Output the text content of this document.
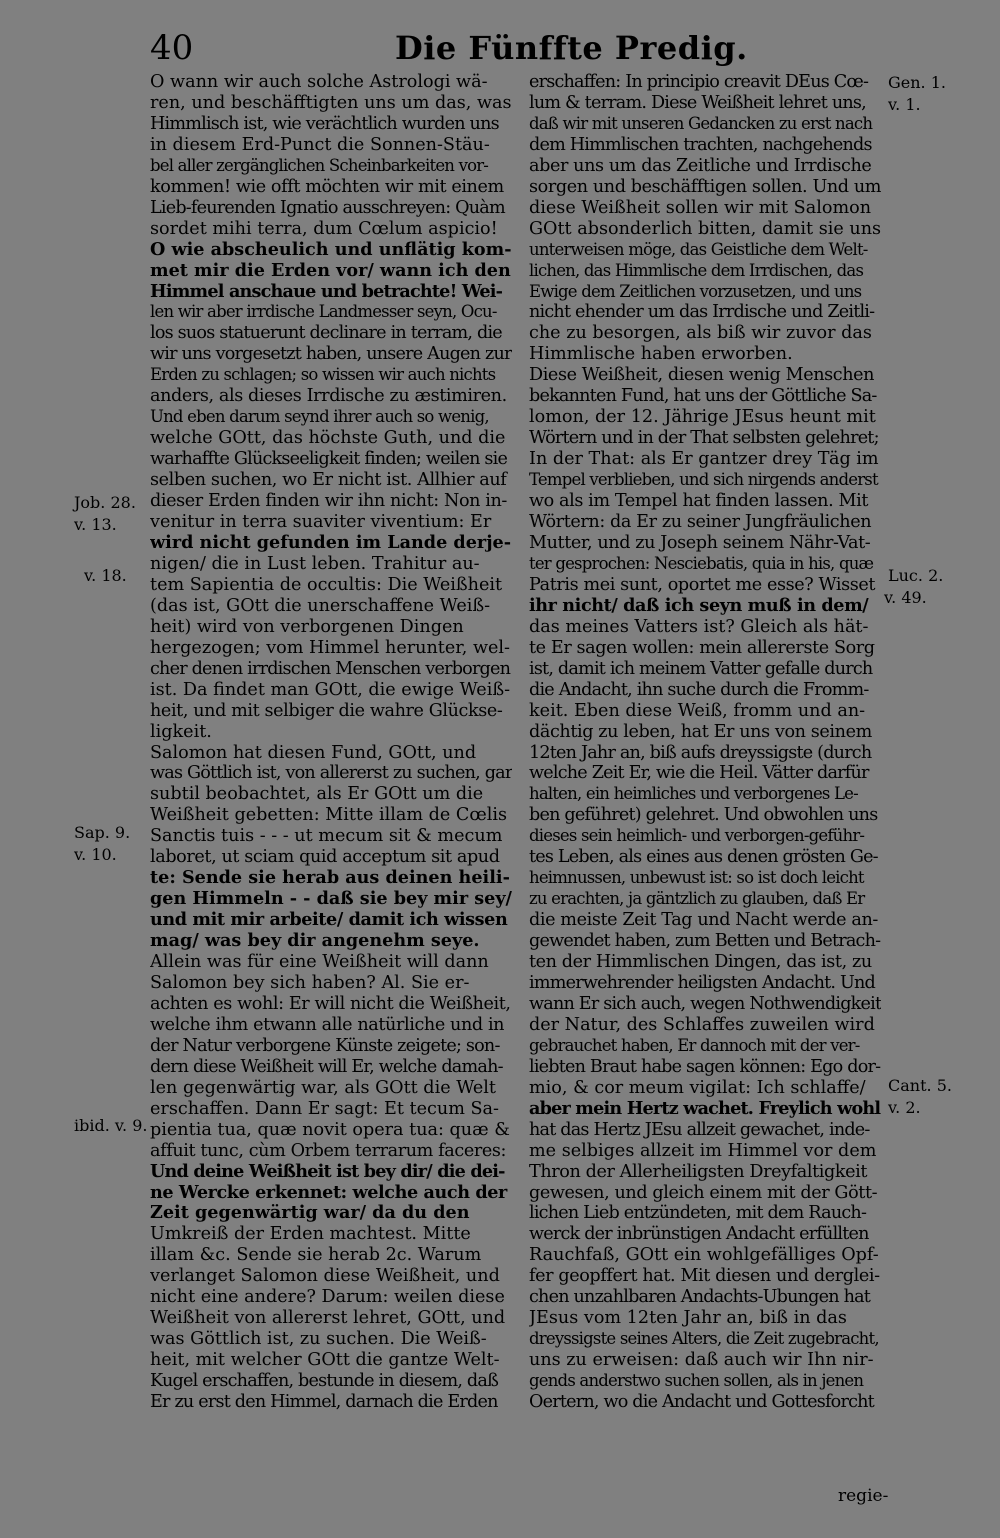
40	Die Fünffte Predig.
O wann wir auch solche Astrologi wä-
ren, und beschäfftigten uns um das, was
Himmlisch ist, wie verächtlich wurden uns
in diesem Erd-Punct die Sonnen-Stäu-
bel aller zergänglichen Scheinbarkeiten vor-
kommen! wie offt möchten wir mit einem
Lieb-feurenden Ignatio ausschreyen: Quàm
sordet mihi terra, dum Cœlum aspicio!
O wie abscheulich und unflätig kom-
met mir die Erden vor/ wann ich den
Himmel anschaue und betrachte! Wei-
len wir aber irrdische Landmesser seyn, Ocu-
los suos statuerunt declinare in terram, die
wir uns vorgesetzt haben, unsere Augen zur
Erden zu schlagen; so wissen wir auch nichts
anders, als dieses Irrdische zu æstimiren.
Und eben darum seynd ihrer auch so wenig,
welche GOtt, das höchste Guth, und die
warhaffte Glückseeligkeit finden; weilen sie
selben suchen, wo Er nicht ist. Allhier auf
dieser Erden finden wir ihn nicht: Non in-
venitur in terra suaviter viventium: Er
wird nicht gefunden im Lande derje-
nigen/ die in Lust leben. Trahitur au-
tem Sapientia de occultis: Die Weißheit
(das ist, GOtt die unerschaffene Weiß-
heit) wird von verborgenen Dingen
hergezogen; vom Himmel herunter, wel-
cher denen irrdischen Menschen verborgen
ist. Da findet man GOtt, die ewige Weiß-
heit, und mit selbiger die wahre Glückse-
ligkeit.
Salomon hat diesen Fund, GOtt, und
was Göttlich ist, von allererst zu suchen, gar
subtil beobachtet, als Er GOtt um die
Weißheit gebetten: Mitte illam de Cœlis
Sanctis tuis - - - ut mecum sit & mecum
laboret, ut sciam quid acceptum sit apud
te: Sende sie herab aus deinen heili-
gen Himmeln - - daß sie bey mir sey/
und mit mir arbeite/ damit ich wissen
mag/ was bey dir angenehm seye.
Allein was für eine Weißheit will dann
Salomon bey sich haben? Al. Sie er-
achten es wohl: Er will nicht die Weißheit,
welche ihm etwann alle natürliche und in
der Natur verborgene Künste zeigete; son-
dern diese Weißheit will Er, welche damah-
len gegenwärtig war, als GOtt die Welt
erschaffen. Dann Er sagt: Et tecum Sa-
pientia tua, quæ novit opera tua: quæ &
affuit tunc, cùm Orbem terrarum faceres:
Und deine Weißheit ist bey dir/ die dei-
ne Wercke erkennet: welche auch der
Zeit gegenwärtig war/ da du den
Umkreiß der Erden machtest. Mitte
illam &c. Sende sie herab 2c. Warum
verlanget Salomon diese Weißheit, und
nicht eine andere? Darum: weilen diese
Weißheit von allererst lehret, GOtt, und
was Göttlich ist, zu suchen. Die Weiß-
heit, mit welcher GOtt die gantze Welt-
Kugel erschaffen, bestunde in diesem, daß
Er zu erst den Himmel, darnach die Erden
erschaffen: In principio creavit DEus Cœ-
lum & terram. Diese Weißheit lehret uns,
daß wir mit unseren Gedancken zu erst nach
dem Himmlischen trachten, nachgehends
aber uns um das Zeitliche und Irrdische
sorgen und beschäfftigen sollen. Und um
diese Weißheit sollen wir mit Salomon
GOtt absonderlich bitten, damit sie uns
unterweisen möge, das Geistliche dem Welt-
lichen, das Himmlische dem Irrdischen, das
Ewige dem Zeitlichen vorzusetzen, und uns
nicht ehender um das Irrdische und Zeitli-
che zu besorgen, als biß wir zuvor das
Himmlische haben erworben.
Diese Weißheit, diesen wenig Menschen
bekannten Fund, hat uns der Göttliche Sa-
lomon, der 12. Jährige JEsus heunt mit
Wörtern und in der That selbsten gelehret;
In der That: als Er gantzer drey Täg im
Tempel verblieben, und sich nirgends anderst
wo als im Tempel hat finden lassen. Mit
Wörtern: da Er zu seiner Jungfräulichen
Mutter, und zu Joseph seinem Nähr-Vat-
ter gesprochen: Nesciebatis, quia in his, quæ
Patris mei sunt, oportet me esse? Wisset
ihr nicht/ daß ich seyn muß in dem/
das meines Vatters ist? Gleich als hät-
te Er sagen wollen: mein allererste Sorg
ist, damit ich meinem Vatter gefalle durch
die Andacht, ihn suche durch die Fromm-
keit. Eben diese Weiß, fromm und an-
dächtig zu leben, hat Er uns von seinem
12ten Jahr an, biß aufs dreyssigste (durch
welche Zeit Er, wie die Heil. Vätter darfür
halten, ein heimliches und verborgenes Le-
ben geführet) gelehret. Und obwohlen uns
dieses sein heimlich- und verborgen-geführ-
tes Leben, als eines aus denen grösten Ge-
heimnussen, unbewust ist: so ist doch leicht
zu erachten, ja gäntzlich zu glauben, daß Er
die meiste Zeit Tag und Nacht werde an-
gewendet haben, zum Betten und Betrach-
ten der Himmlischen Dingen, das ist, zu
immerwehrender heiligsten Andacht. Und
wann Er sich auch, wegen Nothwendigkeit
der Natur, des Schlaffes zuweilen wird
gebrauchet haben, Er dannoch mit der ver-
liebten Braut habe sagen können: Ego dor-
mio, & cor meum vigilat: Ich schlaffe/
aber mein Hertz wachet. Freylich wohl
hat das Hertz JEsu allzeit gewachet, inde-
me selbiges allzeit im Himmel vor dem
Thron der Allerheiligsten Dreyfaltigkeit
gewesen, und gleich einem mit der Gött-
lichen Lieb entzündeten, mit dem Rauch-
werck der inbrünstigen Andacht erfüllten
Rauchfaß, GOtt ein wohlgefälliges Opf-
fer geopffert hat. Mit diesen und derglei-
chen unzahlbaren Andachts-Ubungen hat
JEsus vom 12ten Jahr an, biß in das
dreyssigste seines Alters, die Zeit zugebracht,
uns zu erweisen: daß auch wir Ihn nir-
gends anderstwo suchen sollen, als in jenen
Oertern, wo die Andacht und Gottesforcht
Job. 28.
v. 13.
v. 18.
Sap. 9.
v. 10.
ibid. v. 9.
Gen. 1.
v. 1.
Luc. 2.
v. 49.
Cant. 5.
v. 2.
regie-
